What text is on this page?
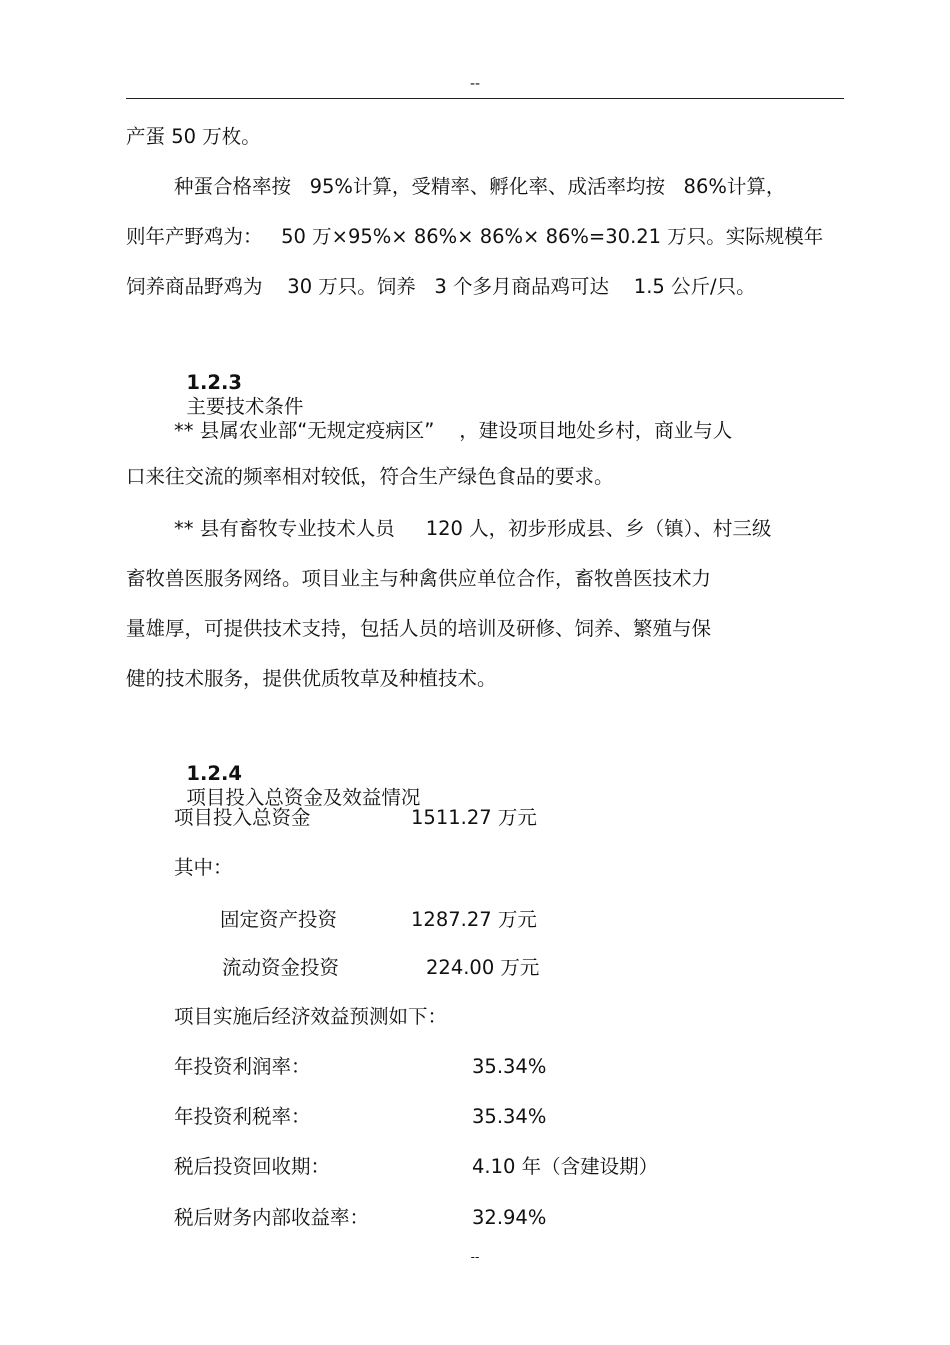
--
产蛋 50 万枚。
种蛋合格率按   95%计算，受精率、孵化率、成活率均按   86%计算，
则年产野鸡为：   50 万×95%× 86%× 86%× 86%=30.21 万只。实际规模年
饲养商品野鸡为    30 万只。饲养   3 个多月商品鸡可达    1.5 公斤/只。

1.2.3
主要技术条件

** 县属农业部“无规定疫病区”    ，建设项目地处乡村，商业与人
口来往交流的频率相对较低，符合生产绿色食品的要求。
** 县有畜牧专业技术人员     120 人，初步形成县、乡（镇）、村三级
畜牧兽医服务网络。项目业主与种禽供应单位合作，畜牧兽医技术力
量雄厚，可提供技术支持，包括人员的培训及研修、饲养、繁殖与保
健的技术服务，提供优质牧草及种植技术。

1.2.4
项目投入总资金及效益情况

项目投入总资金	1511.27 万元
其中：
固定资产投资	1287.27 万元
流动资金投资	224.00 万元
项目实施后经济效益预测如下：
年投资利润率：	35.34%
年投资利税率：	35.34%
税后投资回收期：	4.10 年（含建设期）
税后财务内部收益率：	32.94%
--
